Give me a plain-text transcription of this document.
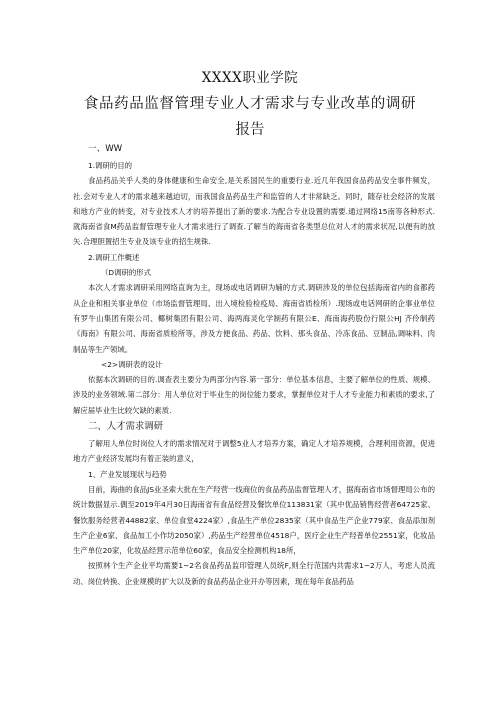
XXXX职业学院
食品药品监督管理专业人才需求与专业改革的调研
报告

一、WW

1.调研的目的

食品药品关乎人类的身体健康和生命安全,是关系国民生的重要行业.近几年我国食品药品安全事件频发，社.会对专业人才的需求越来越迫切，而我国食品药品生产和监管的人才非常缺乏。同时，随存社会经济的发展和地方产业的转变，对专业技术人才的培养提出了新的要求.为配合专业设置的需要.通过网络15南等各种形式.就海南省食M药品监督管理专业人才需求进行了调查.了解当的海南省各类型总位对人才的需求状况,以便有的放矢.合理胆置招生专业及该专业的招生规铢.

2.调研工作概述

（D调研的形式

本次人才需求调研采用网络直询为主，现场或电话调研为辅的方式.调研涉及的单位包括海南省内的食都药从企业和相关事业单位（市场监督管理局、出入境检验检疫局、海南省质检所）.现场或电话网研的企事业单位有罗牛山集团有限公司、椰树集团有限公司、海两海灵化学制药有限公E、海南海药股份行限公HJ 齐伶制药《海南》有限公司、海南省质检所等，涉及方便食品、药品、饮料、那头食品、冷冻食品、豆制品,调味料、肉制品等生产领域。

<2>调研表的设计

依据本次调研的目的.调查表主要分为两部分内容.第一部分：单位基本信息，主要了解单位的性质、规模、涉及的业务领域.第二部分：用人单位对于毕业生的岗位能力要求，掌握单位对于人才专业能力和素质的要求,了解应届毕业生比较欠缺的素质.

二、人才需求调研

了解用人单位时岗位人才的需求情况对于调整5业人才培养方案，确定人才培养规模，合理利用资源，促进地方产业经济发展均有着正装的意义，

1、产业发展现状与趋势

目前，海曲的食品JS业圣索大批在生产羟营一线商位的食品药品监督管理人才，据海南省市场督理局公布的统计数据显示.偶至2019年4月30日海南省有食品经营及餐饮单位113831家（其中优品销售经营者64725家、餐饮服务经营者44882家、单位食堂4224家）,食品生产单位2835家（其中食品生产企业779家、食品添加剂生产企业6家、食品加工小作坊2050家）,药品生产经营单位4518户，医疗企业生产羟普单位2551家，化妆品生产单位20家，化妆品经营示范单位60家，食品安全检测机构18所，

按照林个生产企业平均需要1~2名食品药品监印管理人员统F,则全行范国内共需求1~2万人，考虑人员流动、岗位转换、企业规模的扩大以及新的食品药品企业开办等因素，现在每年食品药品
